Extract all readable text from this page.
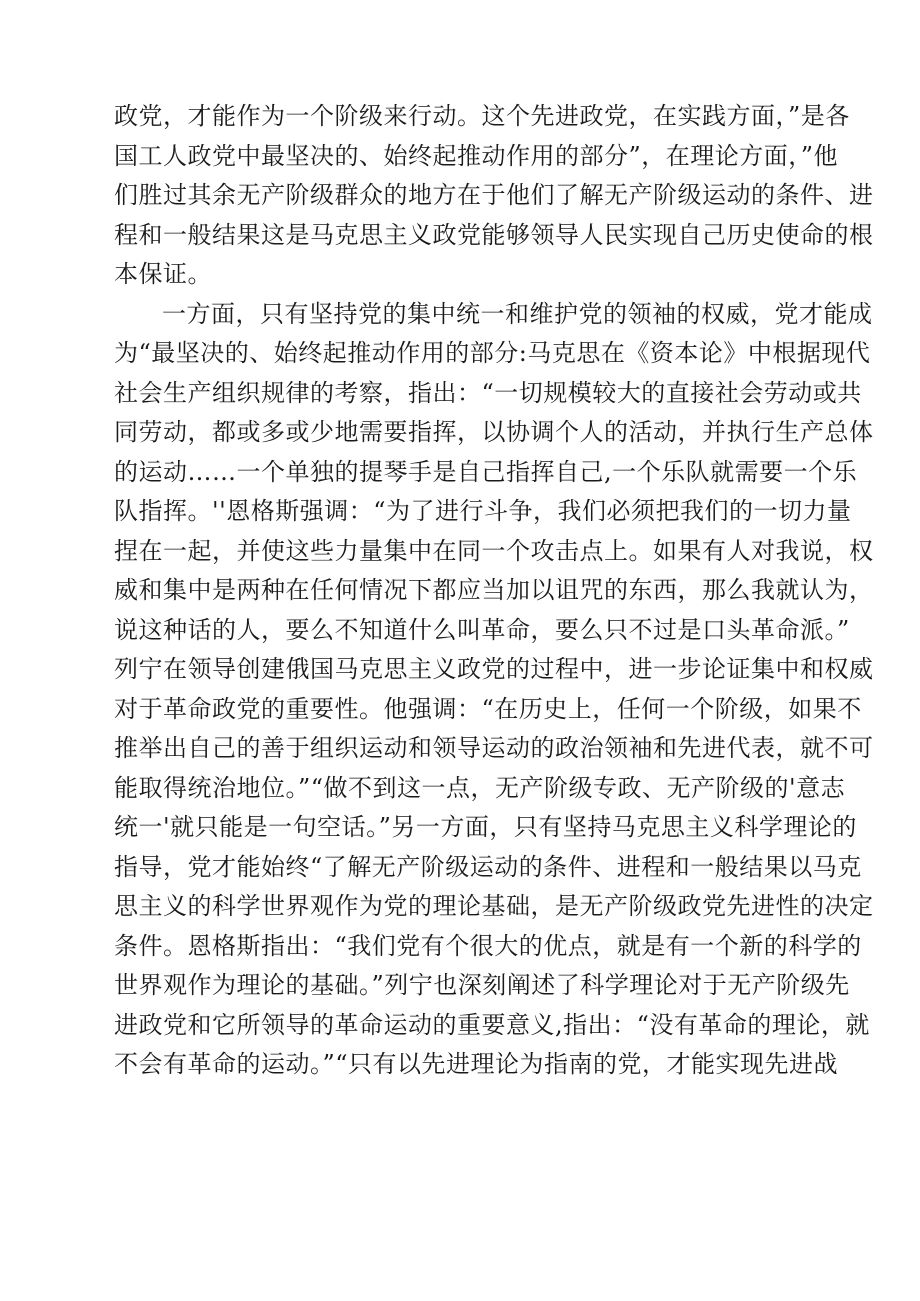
政党，才能作为一个阶级来行动。这个先进政党，在实践方面，”是各
国工人政党中最坚决的、始终起推动作用的部分”，在理论方面，”他
们胜过其余无产阶级群众的地方在于他们了解无产阶级运动的条件、进
程和一般结果这是马克思主义政党能够领导人民实现自己历史使命的根
本保证。
一方面，只有坚持党的集中统一和维护党的领袖的权威，党才能成
为“最坚决的、始终起推动作用的部分:马克思在《资本论》中根据现代
社会生产组织规律的考察，指出：“一切规模较大的直接社会劳动或共
同劳动，都或多或少地需要指挥，以协调个人的活动，并执行生产总体
的运动……一个单独的提琴手是自己指挥自己,一个乐队就需要一个乐
队指挥。''恩格斯强调：“为了进行斗争，我们必须把我们的一切力量
捏在一起，并使这些力量集中在同一个攻击点上。如果有人对我说，权
威和集中是两种在任何情况下都应当加以诅咒的东西，那么我就认为，
说这种话的人，要么不知道什么叫革命，要么只不过是口头革命派。”
列宁在领导创建俄国马克思主义政党的过程中，进一步论证集中和权威
对于革命政党的重要性。他强调：“在历史上，任何一个阶级，如果不
推举出自己的善于组织运动和领导运动的政治领袖和先进代表，就不可
能取得统治地位。”“做不到这一点，无产阶级专政、无产阶级的'意志
统一'就只能是一句空话。”另一方面，只有坚持马克思主义科学理论的
指导，党才能始终“了解无产阶级运动的条件、进程和一般结果以马克
思主义的科学世界观作为党的理论基础，是无产阶级政党先进性的决定
条件。恩格斯指出：“我们党有个很大的优点，就是有一个新的科学的
世界观作为理论的基础。”列宁也深刻阐述了科学理论对于无产阶级先
进政党和它所领导的革命运动的重要意义,指出：“没有革命的理论，就
不会有革命的运动。”“只有以先进理论为指南的党，才能实现先进战
